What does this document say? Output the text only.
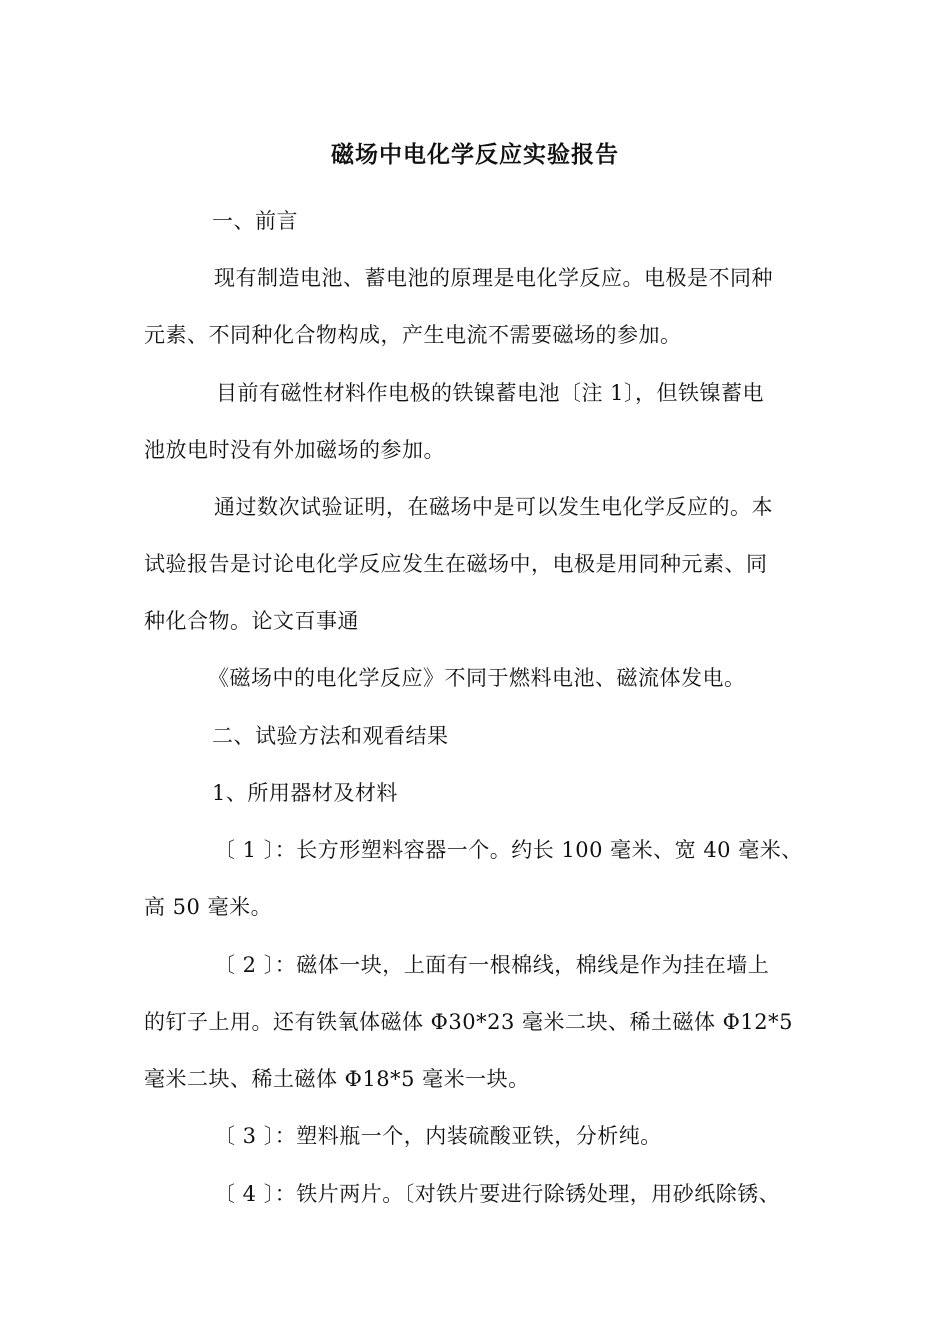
磁场中电化学反应实验报告
一、前言
现有制造电池、蓄电池的原理是电化学反应。电极是不同种
元素、不同种化合物构成，产生电流不需要磁场的参加。
目前有磁性材料作电极的铁镍蓄电池〔注 1〕，但铁镍蓄电
池放电时没有外加磁场的参加。
通过数次试验证明，在磁场中是可以发生电化学反应的。本
试验报告是讨论电化学反应发生在磁场中，电极是用同种元素、同
种化合物。论文百事通
《磁场中的电化学反应》不同于燃料电池、磁流体发电。
二、试验方法和观看结果
1、所用器材及材料
〔 1 〕：长方形塑料容器一个。约长 100 毫米、宽 40 毫米、
高 50 毫米。
〔 2 〕：磁体一块，上面有一根棉线，棉线是作为挂在墙上
的钉子上用。还有铁氧体磁体 Φ30*23 毫米二块、稀土磁体 Φ12*5
毫米二块、稀土磁体 Φ18*5 毫米一块。
〔 3 〕：塑料瓶一个，内装硫酸亚铁，分析纯。
〔 4 〕：铁片两片。〔对铁片要进行除锈处理，用砂纸除锈、
